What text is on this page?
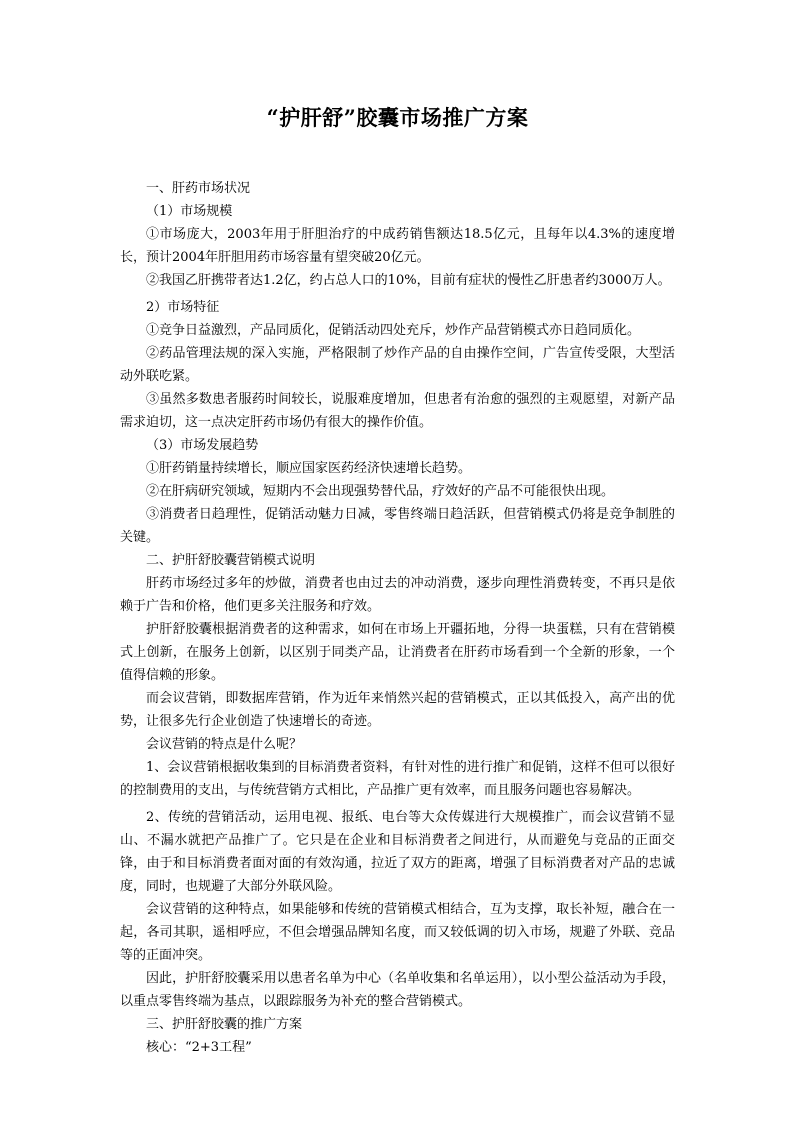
“护肝舒”胶囊市场推广方案

一、肝药市场状况

（1）市场规模

①市场庞大，2003年用于肝胆治疗的中成药销售额达18.5亿元，且每年以4.3%的速度增长，预计2004年肝胆用药市场容量有望突破20亿元。

②我国乙肝携带者达1.2亿，约占总人口的10%，目前有症状的慢性乙肝患者约3000万人。

2）市场特征

①竞争日益激烈，产品同质化，促销活动四处充斥，炒作产品营销模式亦日趋同质化。

②药品管理法规的深入实施，严格限制了炒作产品的自由操作空间，广告宣传受限，大型活动外联吃紧。

③虽然多数患者服药时间较长，说服难度增加，但患者有治愈的强烈的主观愿望，对新产品需求迫切，这一点决定肝药市场仍有很大的操作价值。

（3）市场发展趋势

①肝药销量持续增长，顺应国家医药经济快速增长趋势。

②在肝病研究领域，短期内不会出现强势替代品，疗效好的产品不可能很快出现。

③消费者日趋理性，促销活动魅力日减，零售终端日趋活跃，但营销模式仍将是竞争制胜的关键。

二、护肝舒胶囊营销模式说明

肝药市场经过多年的炒做，消费者也由过去的冲动消费，逐步向理性消费转变，不再只是依赖于广告和价格，他们更多关注服务和疗效。

护肝舒胶囊根据消费者的这种需求，如何在市场上开疆拓地，分得一块蛋糕，只有在营销模式上创新，在服务上创新，以区别于同类产品，让消费者在肝药市场看到一个全新的形象，一个值得信赖的形象。

而会议营销，即数据库营销，作为近年来悄然兴起的营销模式，正以其低投入，高产出的优势，让很多先行企业创造了快速增长的奇迹。

会议营销的特点是什么呢？

1、会议营销根据收集到的目标消费者资料，有针对性的进行推广和促销，这样不但可以很好的控制费用的支出，与传统营销方式相比，产品推广更有效率，而且服务问题也容易解决。

2、传统的营销活动，运用电视、报纸、电台等大众传媒进行大规模推广，而会议营销不显山、不漏水就把产品推广了。它只是在企业和目标消费者之间进行，从而避免与竞品的正面交锋，由于和目标消费者面对面的有效沟通，拉近了双方的距离，增强了目标消费者对产品的忠诚度，同时，也规避了大部分外联风险。

会议营销的这种特点，如果能够和传统的营销模式相结合，互为支撑，取长补短，融合在一起，各司其职，遥相呼应，不但会增强品牌知名度，而又较低调的切入市场，规避了外联、竞品等的正面冲突。

因此，护肝舒胶囊采用以患者名单为中心（名单收集和名单运用），以小型公益活动为手段，以重点零售终端为基点，以跟踪服务为补充的整合营销模式。

三、护肝舒胶囊的推广方案

核心：“2+3工程”
